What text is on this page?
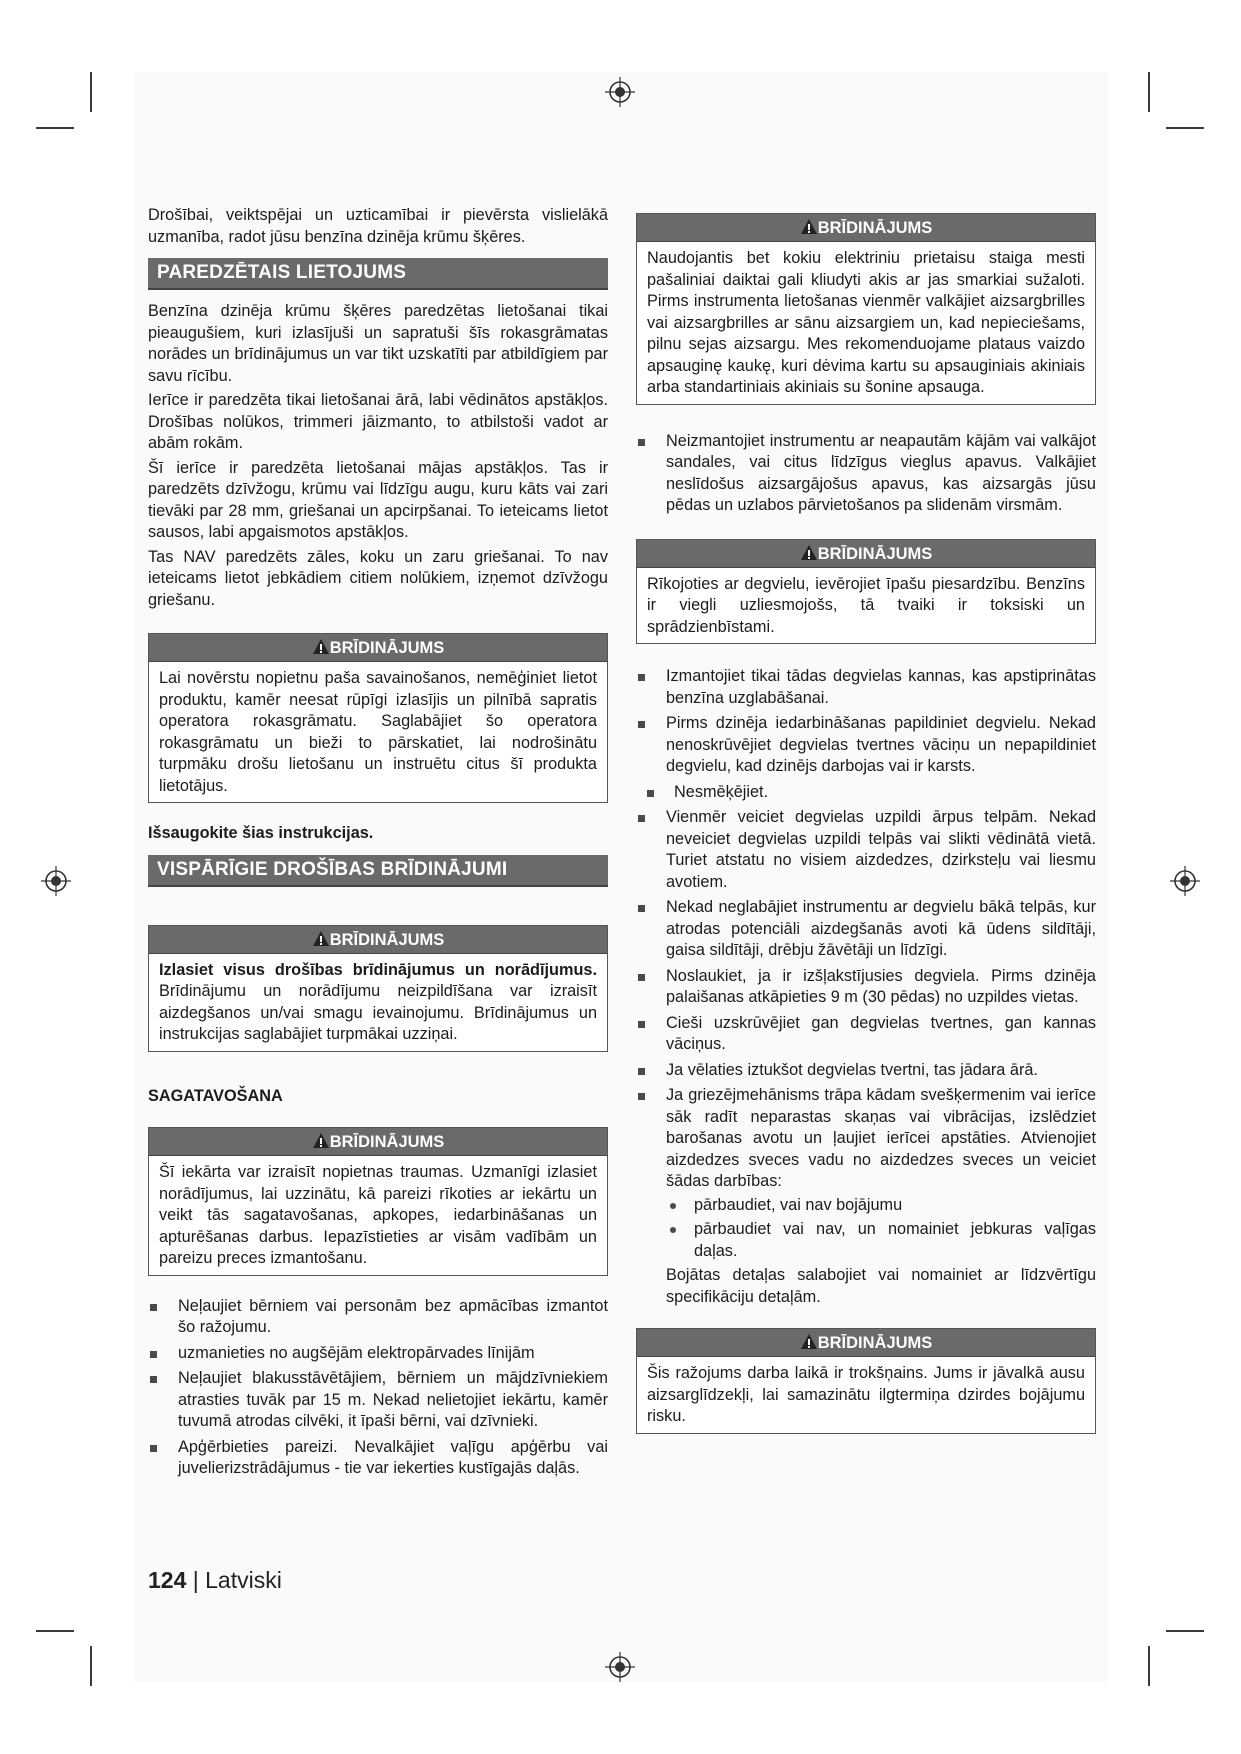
Drošībai, veiktspējai un uzticamībai ir pievērsta vislielākā uzmanība, radot jūsu benzīna dzinēja krūmu šķēres.

PAREDZĒTAIS LIETOJUMS

Benzīna dzinēja krūmu šķēres paredzētas lietošanai tikai pieaugušiem, kuri izlasījuši un sapratuši šīs rokasgrāmatas norādes un brīdinājumus un var tikt uzskatīti par atbildīgiem par savu rīcību.

Ierīce ir paredzēta tikai lietošanai ārā, labi vēdinātos apstākļos. Drošības nolūkos, trimmeri jāizmanto, to atbilstoši vadot ar abām rokām.

Šī ierīce ir paredzēta lietošanai mājas apstākļos. Tas ir paredzēts dzīvžogu, krūmu vai līdzīgu augu, kuru kāts vai zari tievāki par 28 mm, griešanai un apcirpšanai. To ieteicams lietot sausos, labi apgaismotos apstākļos.

Tas NAV paredzēts zāles, koku un zaru griešanai. To nav ieteicams lietot jebkādiem citiem nolūkiem, izņemot dzīvžogu griešanu.

BRĪDINĀJUMS
Lai novērstu nopietnu pašа savainošanos, nemēģiniet lietot produktu, kamēr neesat rūpīgi izlasījis un pilnībā sapratis operatora rokasgrāmatu. Saglabājiet šo operatora rokasgrāmatu un bieži to pārskatiet, lai nodrošinātu turpmāku drošu lietošanu un instruētu citus šī produkta lietotājus.

Išsaugokite šias instrukcijas.

VISPĀRĪGIE DROŠĪBAS BRĪDINĀJUMI
BRĪDINĀJUMS
Izlasiet visus drošības brīdinājumus un norādījumus. Brīdinājumu un norādījumu neizpildīšana var izraisīt aizdegšanos un/vai smagu ievainojumu. Brīdinājumus un instrukcijas saglabājiet turpmākai uzziņai.

SAGATAVOŠANA

BRĪDINĀJUMS
Šī iekārta var izraisīt nopietnas traumas. Uzmanīgi izlasiet norādījumus, lai uzzinātu, kā pareizi rīkoties ar iekārtu un veikt tās sagatavošanas, apkopes, iedarbināšanas un apturēšanas darbus. Iepazīstieties ar visām vadībām un pareizu preces izmantošanu.
Neļaujiet bērniem vai personām bez apmācības izmantot šo ražojumu.
uzmanieties no augšējām elektropārvades līnijām
Neļaujiet blakusstāvētājiem, bērniem un mājdzīvniekiem atrasties tuvāk par 15 m. Nekad nelietojiet iekārtu, kamēr tuvumā atrodas cilvēki, it īpaši bērni, vai dzīvnieki.
Apģērbieties pareizi. Nevalkājiet vaļīgu apģērbu vai juvelierizstrādājumus - tie var iekerties kustīgajās daļās.
BRĪDINĀJUMS
Naudojantis bet kokiu elektriniu prietaisu staiga mesti pašaliniai daiktai gali kliudyti akis ar jas smarkiai sužaloti. Pirms instrumenta lietošanas vienmēr valkājiet aizsargbrilles vai aizsargbrilles ar sānu aizsargiem un, kad nepieciešams, pilnu sejas aizsargu. Mes rekomenduojame plataus vaizdo apsauginę kaukę, kuri dėvima kartu su apsauginiais akiniais arba standartiniais akiniais su šonine apsauga.
Neizmantojiet instrumentu ar neapautām kājām vai valkājot sandales, vai citus līdzīgus vieglus apavus. Valkājiet neslīdošus aizsargājošus apavus, kas aizsargās jūsu pēdas un uzlabos pārvietošanos pa slidenām virsmām.
BRĪDINĀJUMS
Rīkojoties ar degvielu, ievērojiet īpašu piesardzību. Benzīns ir viegli uzliesmojošs, tā tvaiki ir toksiski un sprādzienbīstami.
Izmantojiet tikai tādas degvielas kannas, kas apstiprinātas benzīna uzglabāšanai.
Pirms dzinēja iedarbināšanas papildiniet degvielu. Nekad nenoskrūvējiet degvielas tvertnes vāciņu un nepapildiniet degvielu, kad dzinējs darbojas vai ir karsts.
Nesmēķējiet.
Vienmēr veiciet degvielas uzpildi ārpus telpām. Nekad neveiciet degvielas uzpildi telpās vai slikti vēdinātā vietā. Turiet atstatu no visiem aizdedzes, dzirksteļu vai liesmu avotiem.
Nekad neglabājiet instrumentu ar degvielu bākā telpās, kur atrodas potenciāli aizdegšanās avoti kā ūdens sildītāji, gaisa sildītāji, drēbju žāvētāji un līdzīgi.
Noslaukiet, ja ir izšļakstījusies degviela. Pirms dzinēja palaišanas atkāpieties 9 m (30 pēdas) no uzpildes vietas.
Cieši uzskrūvējiet gan degvielas tvertnes, gan kannas vāciņus.
Ja vēlaties iztukšot degvielas tvertni, tas jādara ārā.
Ja griezējmehānisms trāpa kādam svešķermenim vai ierīce sāk radīt neparastas skaņas vai vibrācijas, izslēdziet barošanas avotu un ļaujiet ierīcei apstāties. Atvienojiet aizdedzes sveces vadu no aizdedzes sveces un veiciet šādas darbības:
pārbaudiet, vai nav bojājumu
pārbaudiet vai nav, un nomainiet jebkuras vaļīgas daļas.
Bojātas detaļas salabojiet vai nomainiet ar līdzvērtīgu specifikāciju detaļām.
BRĪDINĀJUMS
Šis ražojums darba laikā ir trokšņains. Jums ir jāvalkā ausu aizsarglīdzekļi, lai samazinātu ilgtermiņa dzirdes bojājumu risku.
124 | Latviski
